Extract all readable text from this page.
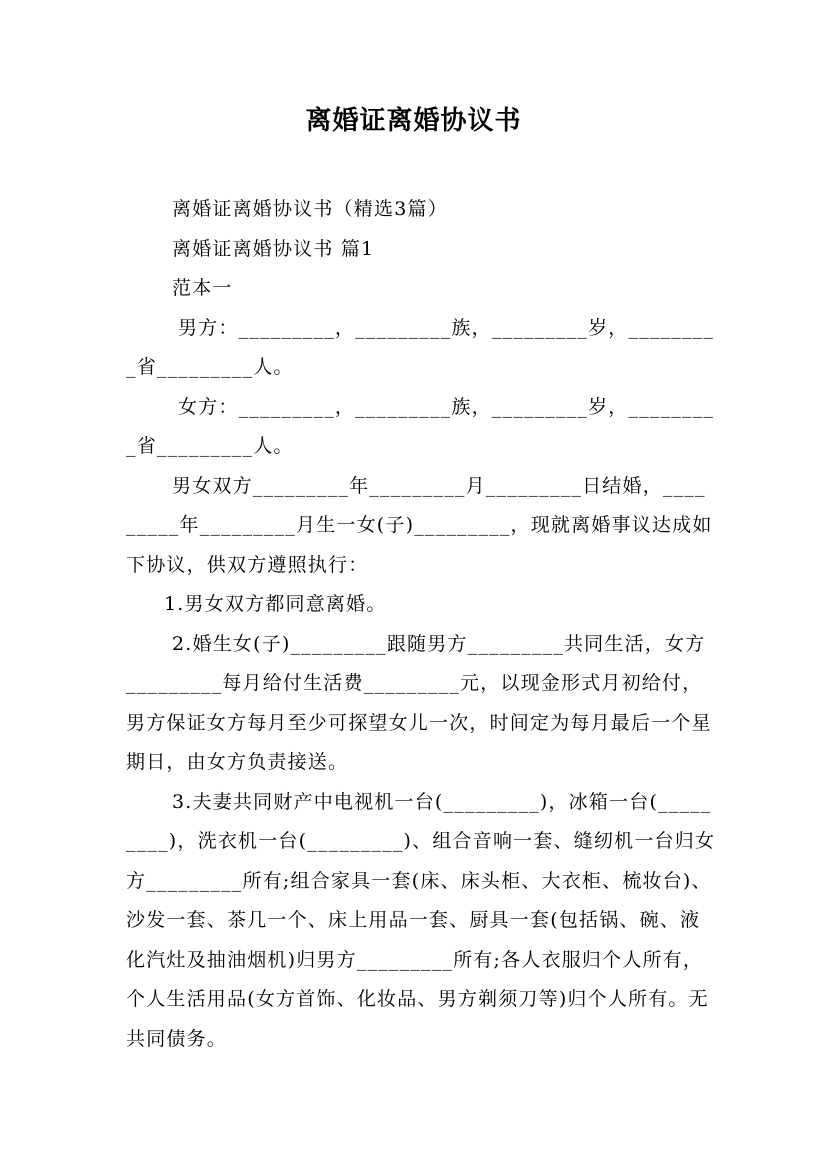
离婚证离婚协议书

离婚证离婚协议书（精选3篇）

离婚证离婚协议书 篇1

范本一

男方：_________，_________族，_________岁，_________省_________人。

女方：_________，_________族，_________岁，_________省_________人。

男女双方_________年_________月_________日结婚，_________年_________月生一女(子)_________，现就离婚事议达成如下协议，供双方遵照执行：

1.男女双方都同意离婚。

2.婚生女(子)_________跟随男方_________共同生活，女方_________每月给付生活费_________元，以现金形式月初给付，男方保证女方每月至少可探望女儿一次，时间定为每月最后一个星期日，由女方负责接送。

3.夫妻共同财产中电视机一台(_________)，冰箱一台(_________)，洗衣机一台(_________)、组合音响一套、缝纫机一台归女方_________所有;组合家具一套(床、床头柜、大衣柜、梳妆台)、沙发一套、茶几一个、床上用品一套、厨具一套(包括锅、碗、液化汽灶及抽油烟机)归男方_________所有;各人衣服归个人所有，个人生活用品(女方首饰、化妆品、男方剃须刀等)归个人所有。无共同债务。
